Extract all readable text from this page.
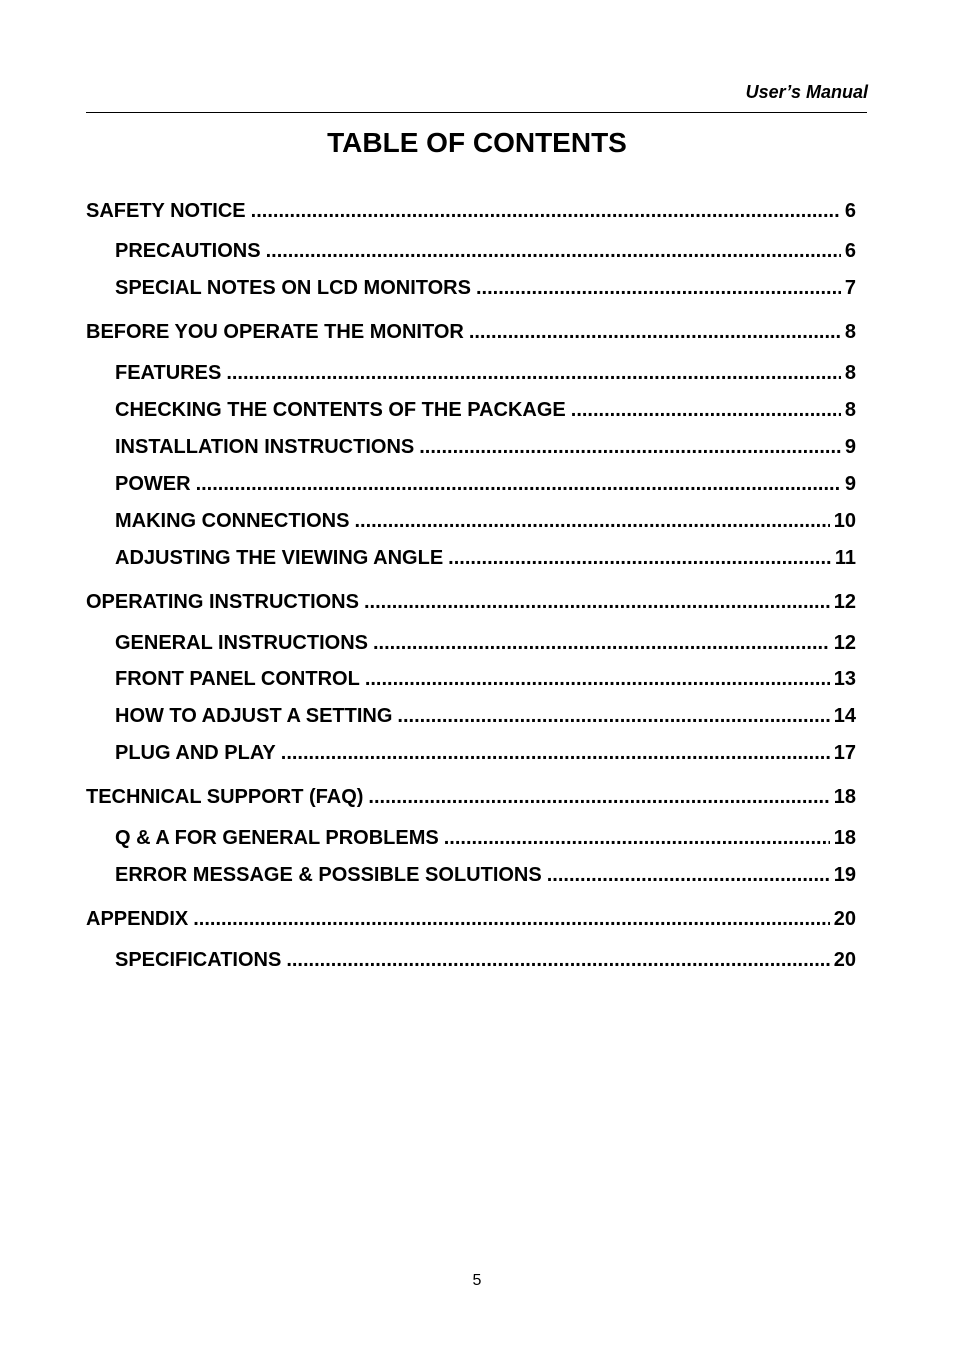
User’s Manual
TABLE OF CONTENTS
SAFETY NOTICE .....	6
PRECAUTIONS .....	6
SPECIAL NOTES ON LCD MONITORS .....	7
BEFORE YOU OPERATE THE MONITOR .....	8
FEATURES .....	8
CHECKING THE CONTENTS OF THE PACKAGE .....	8
INSTALLATION INSTRUCTIONS .....	9
POWER .....	9
MAKING CONNECTIONS .....	10
ADJUSTING THE VIEWING ANGLE .....	11
OPERATING INSTRUCTIONS .....	12
GENERAL INSTRUCTIONS .....	12
FRONT PANEL CONTROL .....	13
HOW TO ADJUST A SETTING .....	14
PLUG AND PLAY .....	17
TECHNICAL SUPPORT (FAQ) .....	18
Q & A FOR GENERAL PROBLEMS .....	18
ERROR MESSAGE & POSSIBLE SOLUTIONS .....	19
APPENDIX .....	20
SPECIFICATIONS .....	20
5
